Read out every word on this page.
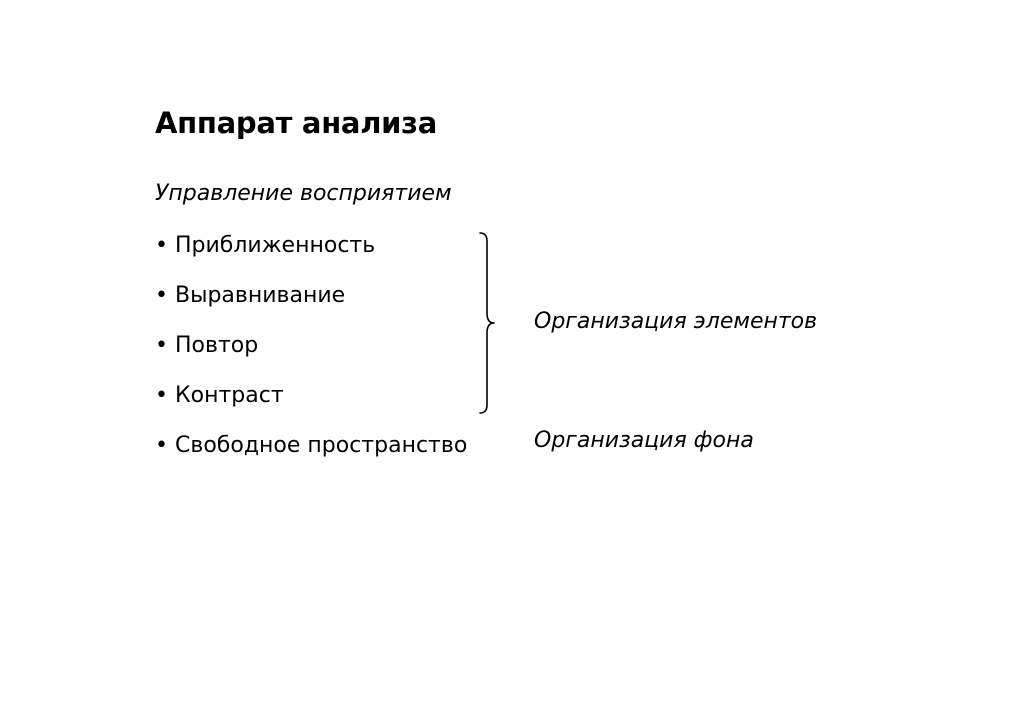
Аппарат анализа
Управление восприятием
• Приближенность
• Выравнивание
• Повтор
• Контраст
• Свободное пространство
Организация элементов
Организация фона
